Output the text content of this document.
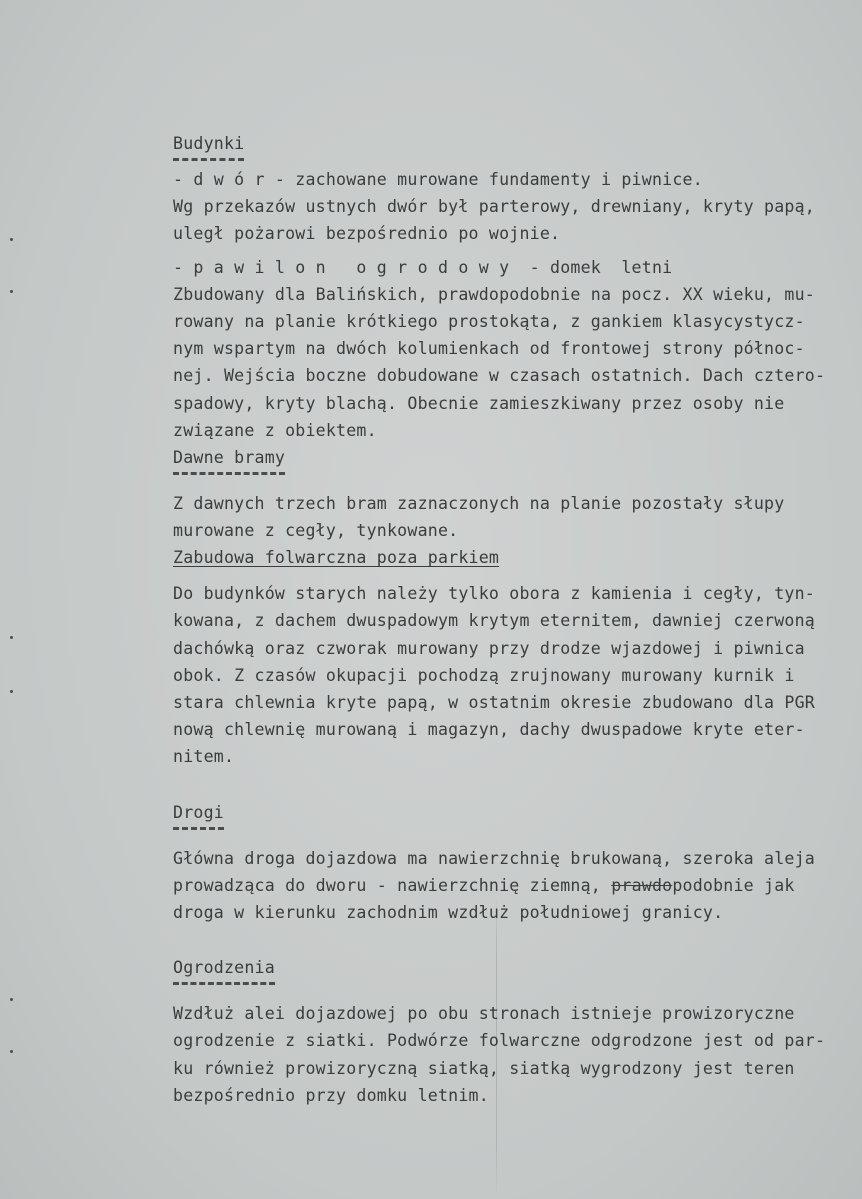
Budynki
- d w ó r - zachowane murowane fundamenty i piwnice.
Wg przekazów ustnych dwór był parterowy, drewniany, kryty papą,
uległ pożarowi bezpośrednio po wojnie.
- p a w i l o n   o g r o d o w y  - domek  letni
Zbudowany dla Balińskich, prawdopodobnie na pocz. XX wieku, mu-
rowany na planie krótkiego prostokąta, z gankiem klasycystycz-
nym wspartym na dwóch kolumienkach od frontowej strony północ-
nej. Wejścia boczne dobudowane w czasach ostatnich. Dach cztero-
spadowy, kryty blachą. Obecnie zamieszkiwany przez osoby nie
związane z obiektem.
Dawne bramy
Z dawnych trzech bram zaznaczonych na planie pozostały słupy
murowane z cegły, tynkowane.
Zabudowa folwarczna poza parkiem
Do budynków starych należy tylko obora z kamienia i cegły, tyn-
kowana, z dachem dwuspadowym krytym eternitem, dawniej czerwoną
dachówką oraz czworak murowany przy drodze wjazdowej i piwnica
obok. Z czasów okupacji pochodzą zrujnowany murowany kurnik i
stara chlewnia kryte papą, w ostatnim okresie zbudowano dla PGR
nową chlewnię murowaną i magazyn, dachy dwuspadowe kryte eter-
nitem.
Drogi
Główna droga dojazdowa ma nawierzchnię brukowaną, szeroka aleja
prowadząca do dworu - nawierzchnię ziemną, prawdopodobnie jak
droga w kierunku zachodnim wzdłuż południowej granicy.
Ogrodzenia
Wzdłuż alei dojazdowej po obu stronach istnieje prowizoryczne
ogrodzenie z siatki. Podwórze folwarczne odgrodzone jest od par-
ku również prowizoryczną siatką, siatką wygrodzony jest teren
bezpośrednio przy domku letnim.
